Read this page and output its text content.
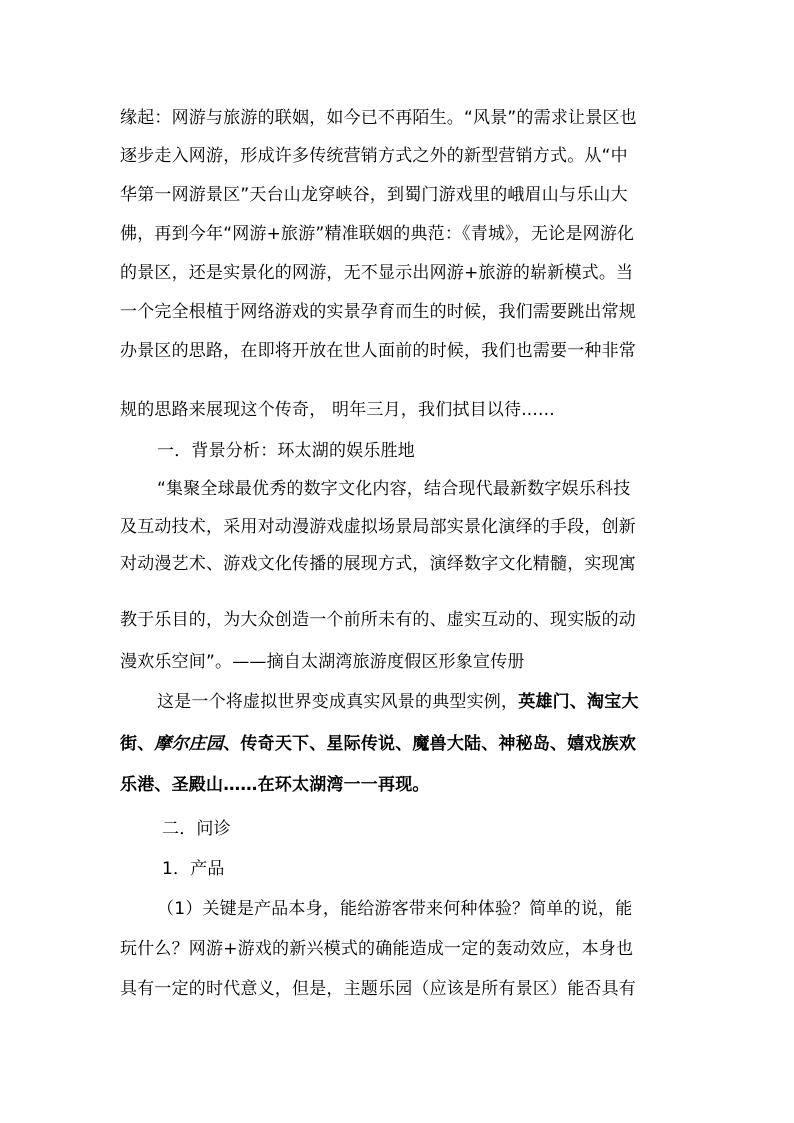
缘起：网游与旅游的联姻，如今已不再陌生。“风景”的需求让景区也
逐步走入网游，形成许多传统营销方式之外的新型营销方式。从“中
华第一网游景区”天台山龙穿峡谷，到蜀门游戏里的峨眉山与乐山大
佛，再到今年“网游+旅游”精准联姻的典范：《青城》，无论是网游化
的景区，还是实景化的网游，无不显示出网游+旅游的崭新模式。当
一个完全根植于网络游戏的实景孕育而生的时候，我们需要跳出常规
办景区的思路，在即将开放在世人面前的时候，我们也需要一种非常
规的思路来展现这个传奇， 明年三月，我们拭目以待......
一．背景分析：环太湖的娱乐胜地
“集聚全球最优秀的数字文化内容，结合现代最新数字娱乐科技
及互动技术，采用对动漫游戏虚拟场景局部实景化演绎的手段，创新
对动漫艺术、游戏文化传播的展现方式，演绎数字文化精髓，实现寓
教于乐目的，为大众创造一个前所未有的、虚实互动的、现实版的动
漫欢乐空间”。——摘自太湖湾旅游度假区形象宣传册
这是一个将虚拟世界变成真实风景的典型实例，英雄门、淘宝大
街、摩尔庄园、传奇天下、星际传说、魔兽大陆、神秘岛、嬉戏族欢
乐港、圣殿山……在环太湖湾一一再现。
二．问诊
1．产品
（1）关键是产品本身，能给游客带来何种体验？简单的说，能
玩什么？网游+游戏的新兴模式的确能造成一定的轰动效应，本身也
具有一定的时代意义，但是，主题乐园（应该是所有景区）能否具有
